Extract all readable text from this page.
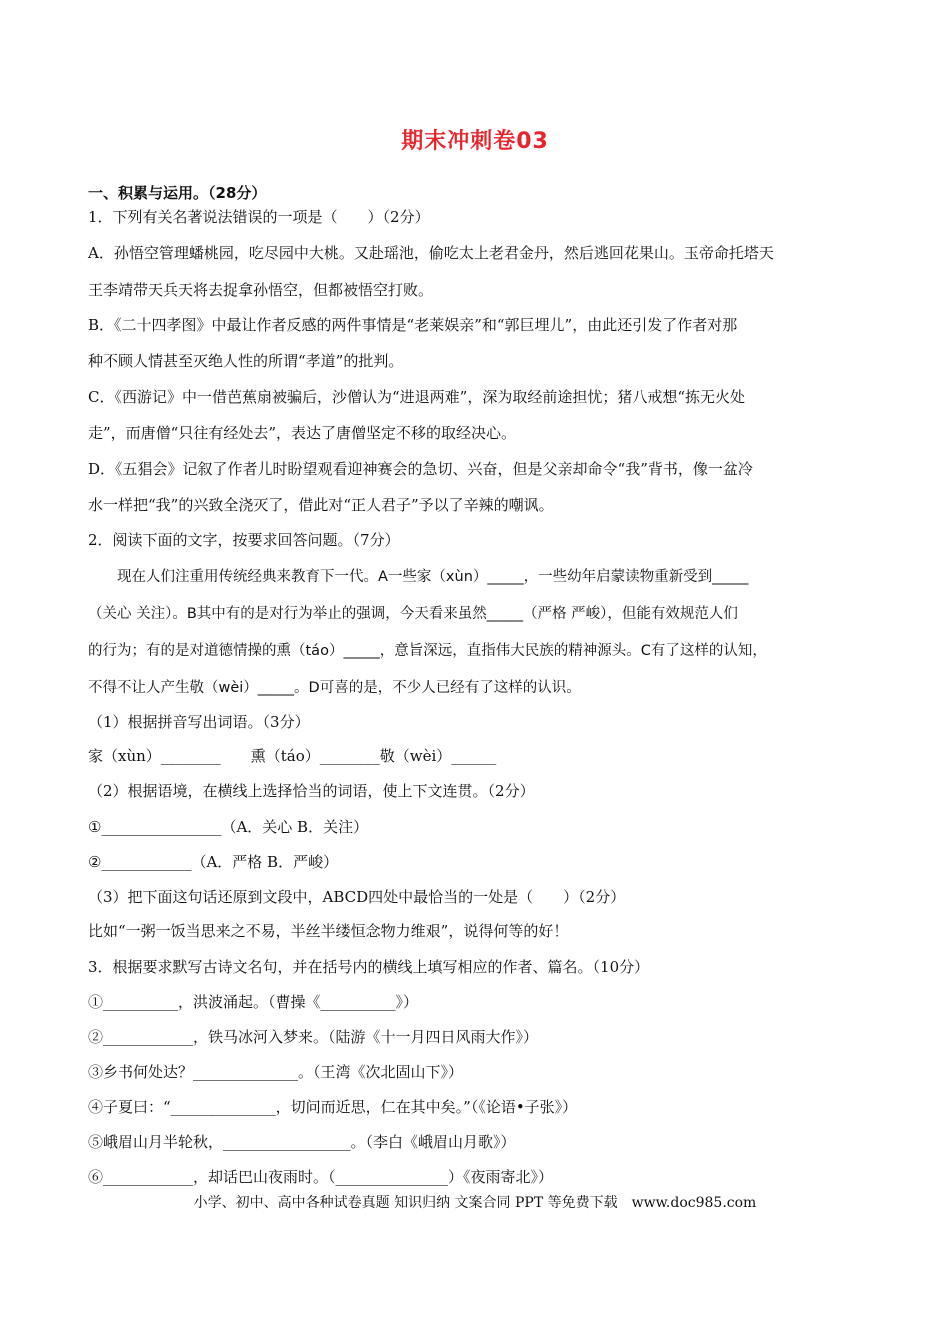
期末冲刺卷03
一、积累与运用。（28分）
1．下列有关名著说法错误的一项是（　　）（2分）
A．孙悟空管理蟠桃园，吃尽园中大桃。又赴瑶池，偷吃太上老君金丹，然后逃回花果山。玉帝命托塔天
王李靖带天兵天将去捉拿孙悟空，但都被悟空打败。
B．《二十四孝图》中最让作者反感的两件事情是“老莱娱亲”和“郭巨埋儿”，由此还引发了作者对那
种不顾人情甚至灭绝人性的所谓“孝道”的批判。
C．《西游记》中一借芭蕉扇被骗后，沙僧认为“进退两难”，深为取经前途担忧；猪八戒想“拣无火处
走”，而唐僧“只往有经处去”，表达了唐僧坚定不移的取经决心。
D．《五猖会》记叙了作者儿时盼望观看迎神赛会的急切、兴奋，但是父亲却命令“我”背书，像一盆冷
水一样把“我”的兴致全浇灭了，借此对“正人君子”予以了辛辣的嘲讽。
2．阅读下面的文字，按要求回答问题。（7分）
　　现在人们注重用传统经典来教育下一代。A一些家（xùn）_____，一些幼年启蒙读物重新受到_____
（关心 关注）。B其中有的是对行为举止的强调，今天看来虽然_____（严格 严峻），但能有效规范人们
的行为；有的是对道德情操的熏（táo）_____，意旨深远，直指伟大民族的精神源头。C有了这样的认知，
不得不让人产生敬（wèi）_____。D可喜的是，不少人已经有了这样的认识。
（1）根据拼音写出词语。（3分）
家（xùn）________　　熏（táo）________敬（wèi）______
（2）根据语境，在横线上选择恰当的词语，使上下文连贯。（2分）
①________________（A．关心 B．关注）
②____________（A．严格 B．严峻）
（3）把下面这句话还原到文段中，ABCD四处中最恰当的一处是（　　）（2分）
比如“一粥一饭当思来之不易，半丝半缕恒念物力维艰”，说得何等的好！
3．根据要求默写古诗文名句，并在括号内的横线上填写相应的作者、篇名。（10分）
①__________，洪波涌起。（曹操《__________》）
②____________，铁马冰河入梦来。（陆游《十一月四日风雨大作》）
③乡书何处达？______________。（王湾《次北固山下》）
④子夏曰：“______________，切问而近思，仁在其中矣。”（《论语•子张》）
⑤峨眉山月半轮秋，_________________。（李白《峨眉山月歌》）
⑥____________，却话巴山夜雨时。（_______________）《夜雨寄北》）
小学、初中、高中各种试卷真题 知识归纳 文案合同 PPT 等免费下载　www.doc985.com
